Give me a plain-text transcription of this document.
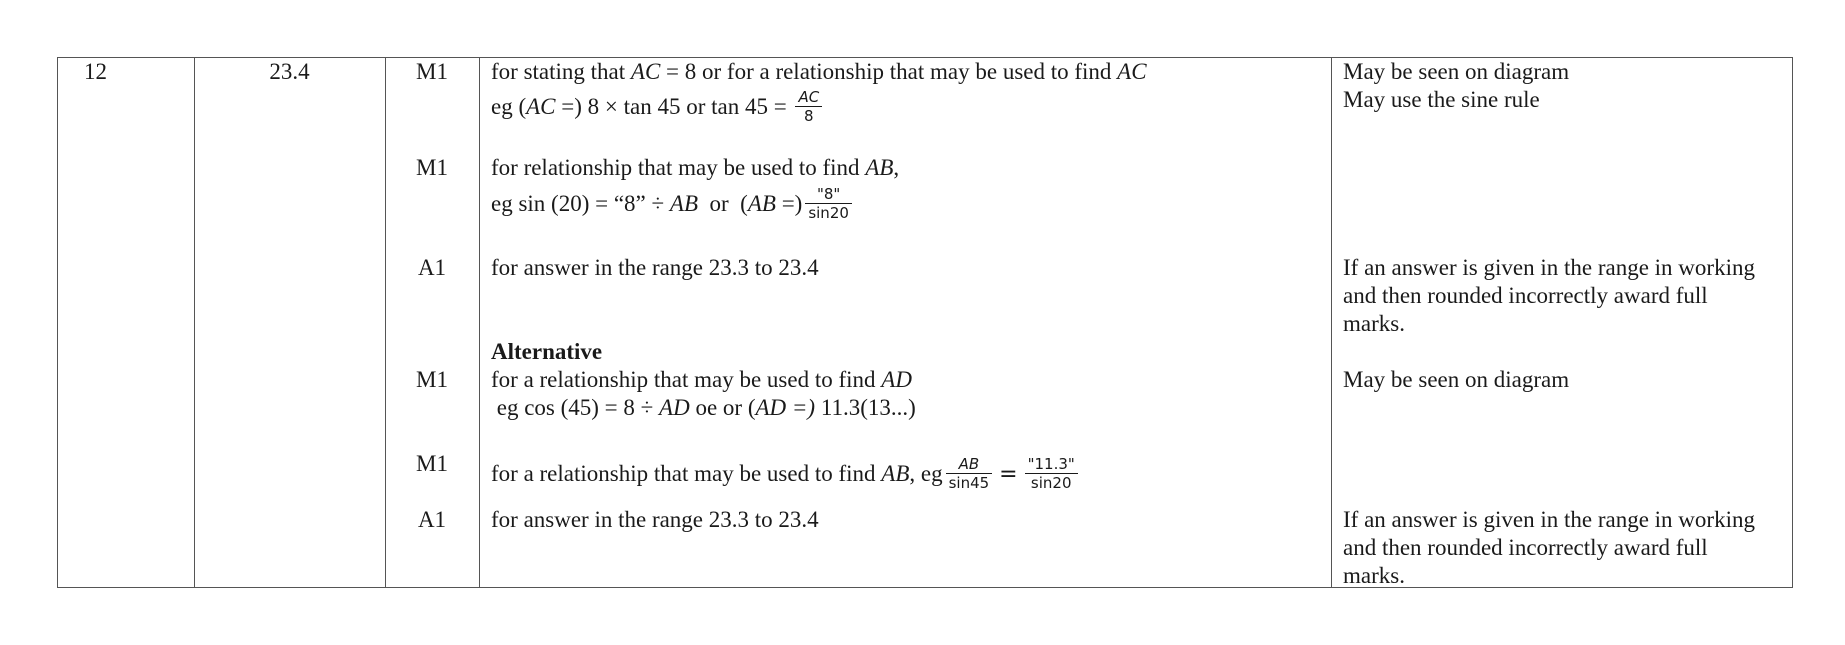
12	23.4	M1
M1
A1
M1
M1
A1
for stating that AC = 8 or for a relationship that may be used to find AC
eg (AC =) 8 × tan 45 or $\tan 45 = \frac{AC}{8}$
for relationship that may be used to find AB,
eg sin (20) = “8” ÷ AB  or  (AB =) $\frac{"8"}{\sin 20}$
for answer in the range 23.3 to 23.4
Alternative
for a relationship that may be used to find AD
eg cos (45) = 8 ÷ AD oe or (AD =) 11.3(13...)
for a relationship that may be used to find AB, eg $\frac{AB}{\sin 45} = \frac{"11.3"}{\sin 20}$
for answer in the range 23.3 to 23.4
May be seen on diagram
May use the sine rule
If an answer is given in the range in working
and then rounded incorrectly award full
marks.
May be seen on diagram
If an answer is given in the range in working
and then rounded incorrectly award full
marks.
